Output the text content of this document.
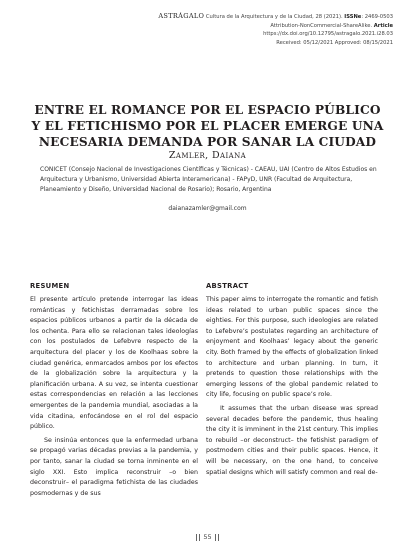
ASTRÁGALO Cultura de la Arquitectura y de la Ciudad, 28 (2021). ISSNe: 2469-0503
Attribution-NonCommercial-ShareAlike. Article
https://dx.doi.org/10.12795/astragalo.2021.i28.03
Received: 05/12/2021 Approved: 08/15/2021
ENTRE EL ROMANCE POR EL ESPACIO PÚBLICO
Y EL FETICHISMO POR EL PLACER EMERGE UNA
NECESARIA DEMANDA POR SANAR LA CIUDAD
Zamler, Daiana
CONICET (Consejo Nacional de Investigaciones Científicas y Técnicas) - CAEAU, UAI (Centro de Altos Estudios en Arquitectura y Urbanismo, Universidad Abierta Interamericana) - FAPyD, UNR (Facultad de Arquitectura, Planeamiento y Diseño, Universidad Nacional de Rosario); Rosario, Argentina
daianazamler@gmail.com
RESUMEN

El presente artículo pretende interrogar las ideas románticas y fetichistas derramadas sobre los espacios públicos urbanos a partir de la década de los ochenta. Para ello se relacionan tales ideologías con los postulados de Lefebvre respecto de la arquitectura del placer y los de Koolhaas sobre la ciudad genérica, enmarcados ambos por los efectos de la globalización sobre la arquitectura y la planificación urbana. A su vez, se intenta cuestionar estas correspondencias en relación a las lecciones emergentes de la pandemia mundial, asociadas a la vida citadina, enfocándose en el rol del espacio público.

Se insinúa entonces que la enfermedad urbana se propagó varias décadas previas a la pandemia, y por tanto, sanar la ciudad se torna inminente en el siglo XXI. Esto implica reconstruir –o bien deconstruir– el paradigma fetichista de las ciudades posmodernas y de sus

ABSTRACT

This paper aims to interrogate the romantic and fetish ideas related to urban public spaces since the eighties. For this purpose, such ideologies are related to Lefebvre’s postulates regarding an architecture of enjoyment and Koolhaas’ legacy about the generic city. Both framed by the effects of globalization linked to architecture and urban planning. In turn, it pretends to question those relationships with the emerging lessons of the global pandemic related to city life, focusing on public space’s role.

It assumes that the urban disease was spread several decades before the pandemic, thus healing the city it is imminent in the 21st century. This implies to rebuild –or deconstruct– the fetishist paradigm of postmodern cities and their public spaces. Hence, it will be necessary, on the one hand, to conceive spatial designs which will satisfy common and real de-

55
